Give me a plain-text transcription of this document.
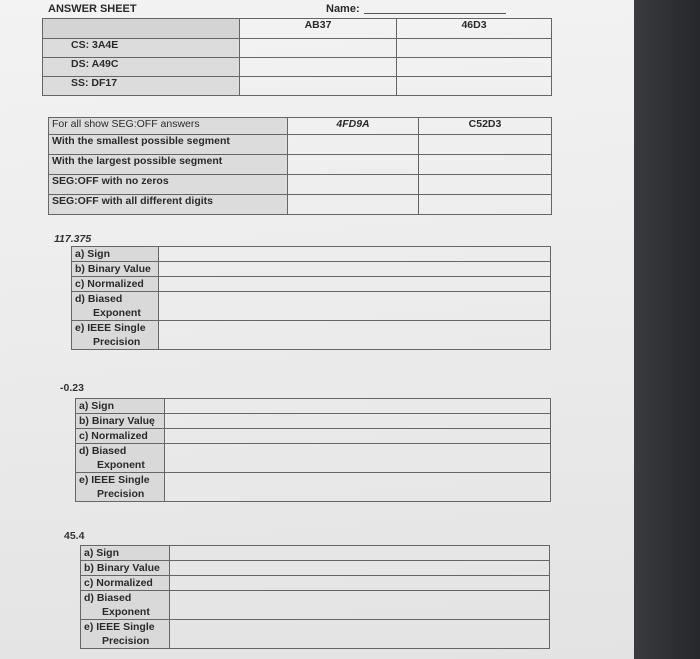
ANSWER SHEET	Name:
	AB37	46D3
CS: 3A4E		
DS: A49C		
SS: DF17		
For all show SEG:OFF answers	4FD9A	C52D3
With the smallest possible segment		
With the largest possible segment		
SEG:OFF with no zeros		
SEG:OFF with all different digits		
117.375
a) Sign	
b) Binary Value	
c) Normalized	
d) Biased
Exponent	
e) IEEE Single
Precision	
-0.23
a) Sign	
b) Binary Valuę	
c) Normalized	
d) Biased
Exponent	
e) IEEE Single
Precision	
45.4
a) Sign	
b) Binary Value	
c) Normalized	
d) Biased
Exponent	
e) IEEE Single
Precision	
